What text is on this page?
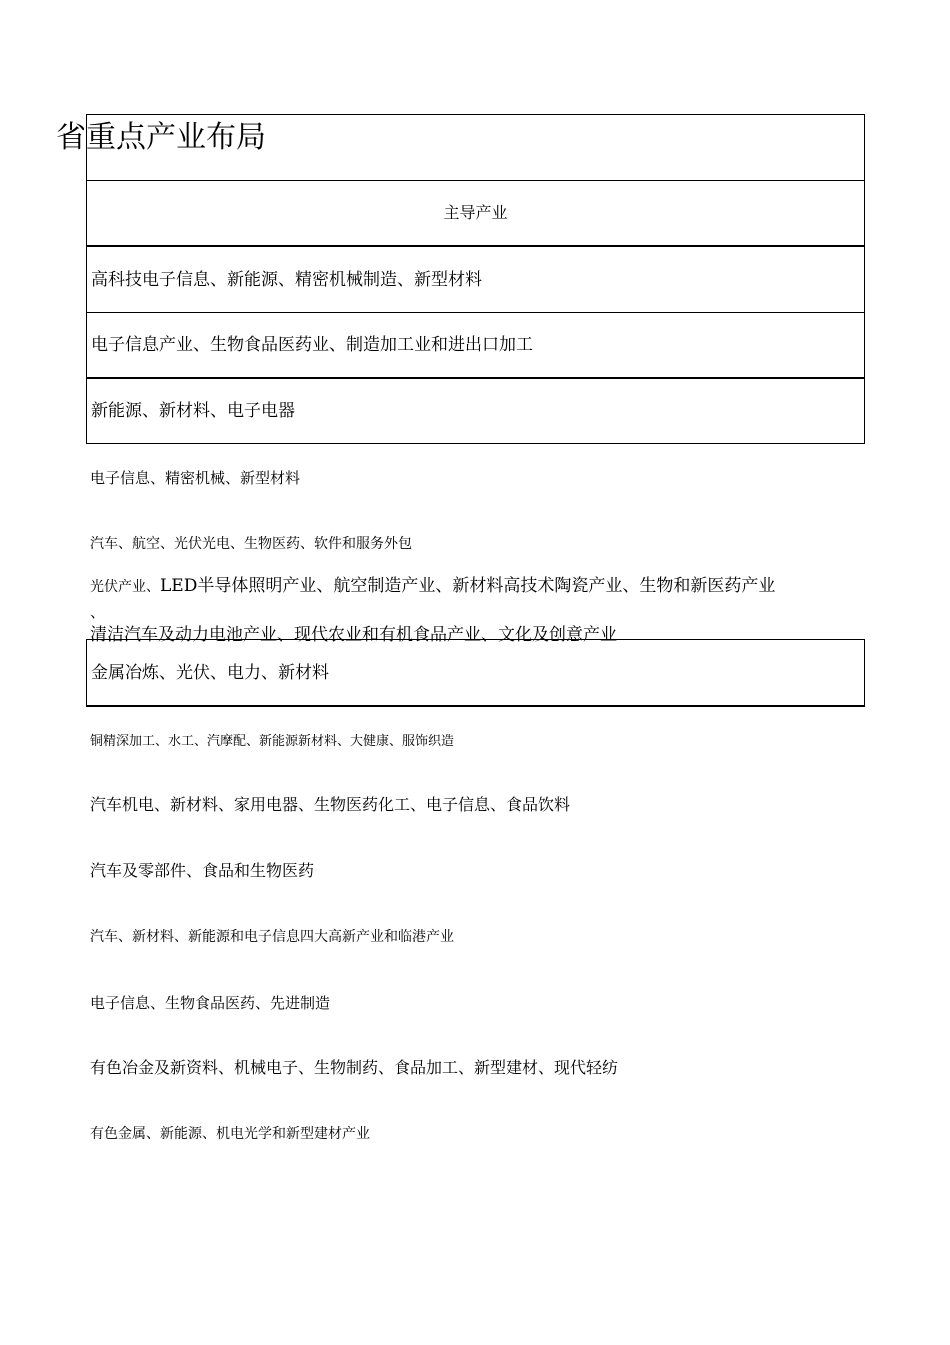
省重点产业布局
主导产业
高科技电子信息、新能源、精密机械制造、新型材料
电子信息产业、生物食品医药业、制造加工业和进出口加工
新能源、新材料、电子电器
电子信息、精密机械、新型材料
汽车、航空、光伏光电、生物医药、软件和服务外包
光伏产业、LED半导体照明产业、航空制造产业、新材料高技术陶瓷产业、生物和新医药产业
、
清洁汽车及动力电池产业、现代农业和有机食品产业、文化及创意产业
金属冶炼、光伏、电力、新材料
铜精深加工、水工、汽摩配、新能源新材料、大健康、服饰织造
汽车机电、新材料、家用电器、生物医药化工、电子信息、食品饮料
汽车及零部件、食品和生物医药
汽车、新材料、新能源和电子信息四大高新产业和临港产业
电子信息、生物食品医药、先进制造
有色冶金及新资料、机械电子、生物制药、食品加工、新型建材、现代轻纺
有色金属、新能源、机电光学和新型建材产业
